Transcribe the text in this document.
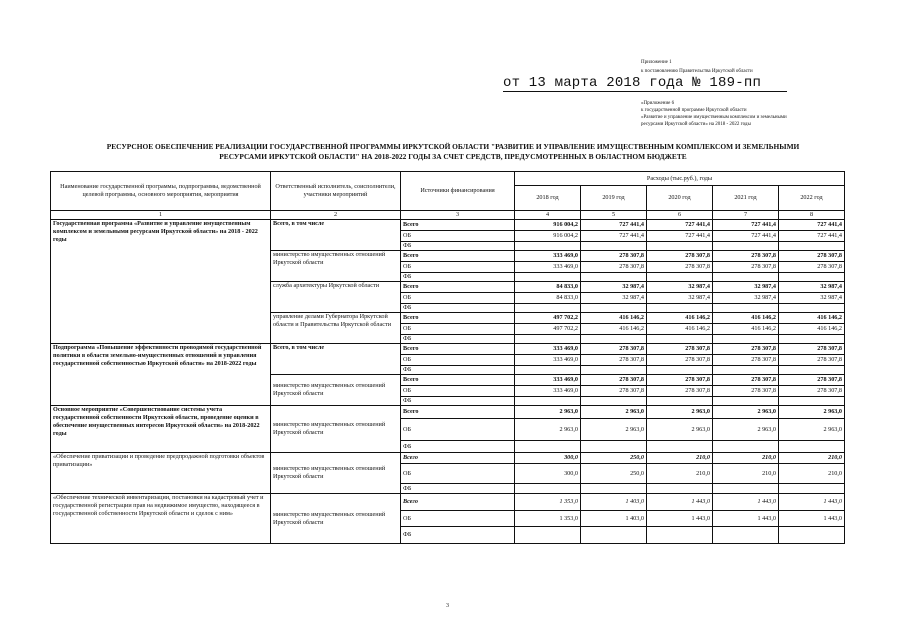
Приложение 1
к постановлению Правительства Иркутской области
от 13 марта 2018 года № 189-пп
«Приложение 6
к государственной программе Иркутской области
«Развитие и управление имущественным комплексом и земельными
ресурсами Иркутской области» на 2018 - 2022 годы
РЕСУРСНОЕ ОБЕСПЕЧЕНИЕ РЕАЛИЗАЦИИ ГОСУДАРСТВЕННОЙ ПРОГРАММЫ ИРКУТСКОЙ ОБЛАСТИ "РАЗВИТИЕ И УПРАВЛЕНИЕ ИМУЩЕСТВЕННЫМ КОМПЛЕКСОМ И ЗЕМЕЛЬНЫМИ
РЕСУРСАМИ ИРКУТСКОЙ ОБЛАСТИ" НА 2018-2022 ГОДЫ ЗА СЧЕТ СРЕДСТВ, ПРЕДУСМОТРЕННЫХ В ОБЛАСТНОМ БЮДЖЕТЕ
Наименование государственной программы, подпрограммы, ведомственной целевой программы, основного мероприятия, мероприятия	Ответственный исполнитель, соисполнители, участники мероприятий	Источники финансирования	Расходы (тыс.руб.), годы				
			2018 год	2019 год	2020 год	2021 год	2022 год
1	2	3	4	5	6	7	8
Государственная программа «Развитие и управление имущественным комплексом и земельными ресурсами Иркутской области» на 2018 - 2022 годы	Всего, в том числе	Всего	916 004,2	727 441,4	727 441,4	727 441,4	727 441,4
		ОБ	916 004,2	727 441,4	727 441,4	727 441,4	727 441,4
		ФБ					
	министерство имущественных отношений Иркутской области	Всего	333 469,0	278 307,8	278 307,8	278 307,8	278 307,8
		ОБ	333 469,0	278 307,8	278 307,8	278 307,8	278 307,8
		ФБ					
	служба архитектуры Иркутской области	Всего	84 833,0	32 987,4	32 987,4	32 987,4	32 987,4
		ОБ	84 833,0	32 987,4	32 987,4	32 987,4	32 987,4
		ФБ					
	управление делами Губернатора Иркутской области и Правительства Иркутской области	Всего	497 702,2	416 146,2	416 146,2	416 146,2	416 146,2
		ОБ	497 702,2	416 146,2	416 146,2	416 146,2	416 146,2
		ФБ					
Подпрограмма «Повышение эффективности проводимой государственной политики в области земельно-имущественных отношений и управления государственной собственностью Иркутской области» на 2018-2022 годы	Всего, в том числе	Всего	333 469,0	278 307,8	278 307,8	278 307,8	278 307,8
		ОБ	333 469,0	278 307,8	278 307,8	278 307,8	278 307,8
		ФБ					
	министерство имущественных отношений Иркутской области	Всего	333 469,0	278 307,8	278 307,8	278 307,8	278 307,8
		ОБ	333 469,0	278 307,8	278 307,8	278 307,8	278 307,8
		ФБ					
Основное мероприятие «Совершенствование системы учета государственной собственности Иркутской области, проведение оценки в обеспечение имущественных интересов Иркутской области» на 2018-2022 годы	министерство имущественных отношений Иркутской области	Всего	2 963,0	2 963,0	2 963,0	2 963,0	2 963,0
		ОБ	2 963,0	2 963,0	2 963,0	2 963,0	2 963,0
		ФБ					
«Обеспечение приватизации и проведение предпродажной подготовки объектов приватизации»	министерство имущественных отношений Иркутской области	Всего	300,0	250,0	210,0	210,0	210,0
		ОБ	300,0	250,0	210,0	210,0	210,0
		ФБ					
«Обеспечение технической инвентаризации, постановки на кадастровый учет и государственной регистрации прав на недвижимое имущество, находящееся в государственной собственности Иркутской области и сделок с ним»	министерство имущественных отношений Иркутской области	Всего	1 353,0	1 403,0	1 443,0	1 443,0	1 443,0
		ОБ	1 353,0	1 403,0	1 443,0	1 443,0	1 443,0
		ФБ					
3
